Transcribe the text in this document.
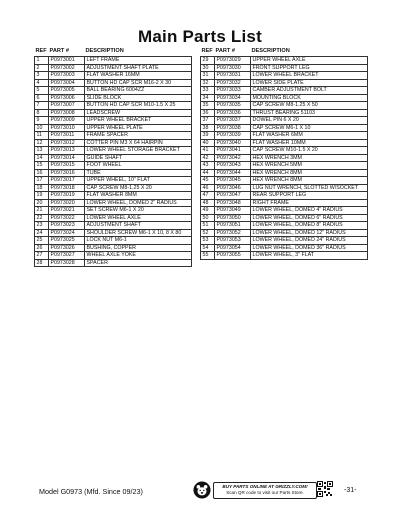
Main Parts List
REF	PART #	DESCRIPTION
1	P0973001	LEFT FRAME
2	P0973002	ADJUSTMENT SHAFT PLATE
3	P0973003	FLAT WASHER 16MM
4	P0973004	BUTTON HD CAP SCR M16-2 X 30
5	P0973005	BALL BEARING 6004ZZ
6	P0973006	SLIDE BLOCK
7	P0973007	BUTTON HD CAP SCR M10-1.5 X 25
8	P0973008	LEADSCREW
9	P0973009	UPPER WHEEL BRACKET
10	P0973010	UPPER WHEEL PLATE
11	P0973011	FRAME SPACER
12	P0973012	COTTER PIN M3 X 64 HAIRPIN
13	P0973013	LOWER WHEEL STORAGE BRACKET
14	P0973014	GUIDE SHAFT
15	P0973015	FOOT WHEEL
16	P0973016	TUBE
17	P0973017	UPPER WHEEL, 10" FLAT
18	P0973018	CAP SCREW M8-1.25 X 20
19	P0973019	FLAT WASHER 8MM
20	P0973020	LOWER WHEEL, DOMED 2" RADIUS
21	P0973021	SET SCREW M6-1 X 20
22	P0973022	LOWER WHEEL AXLE
23	P0973023	ADJUSTMENT SHAFT
24	P0973024	SHOULDER SCREW M6-1 X 10, 8 X 80
25	P0973025	LOCK NUT M6-1
26	P0973026	BUSHING, COPPER
27	P0973027	WHEEL AXLE YOKE
28	P0973028	SPACER
REF	PART #	DESCRIPTION
29	P0973029	UPPER WHEEL AXLE
30	P0973030	FRONT SUPPORT LEG
31	P0973031	LOWER WHEEL BRACKET
32	P0973032	LOWER SIDE PLATE
33	P0973033	CAMBER ADJUSTMENT BOLT
34	P0973034	MOUNTING BLOCK
35	P0973035	CAP SCREW M8-1.25 X 50
36	P0973036	THRUST BEARING 51103
37	P0973037	DOWEL PIN 6 X 20
38	P0973038	CAP SCREW M6-1 X 10
39	P0973039	FLAT WASHER 6MM
40	P0973040	FLAT WASHER 10MM
41	P0973041	CAP SCREW M10-1.5 X 20
42	P0973042	HEX WRENCH 3MM
43	P0973043	HEX WRENCH 5MM
44	P0973044	HEX WRENCH 8MM
45	P0973045	HEX WRENCH 8MM
46	P0973046	LUG NUT WRENCH, SLOTTED W/SOCKET
47	P0973047	REAR SUPPORT LEG
48	P0973048	RIGHT FRAME
49	P0973049	LOWER WHEEL, DOMED 4" RADIUS
50	P0973050	LOWER WHEEL, DOMED 6" RADIUS
51	P0973051	LOWER WHEEL, DOMED 8" RADIUS
52	P0973052	LOWER WHEEL, DOMED 12" RADIUS
53	P0973053	LOWER WHEEL, DOMED 24" RADIUS
54	P0973054	LOWER WHEEL, DOMED 36" RADIUS
55	P0973055	LOWER WHEEL, 3" FLAT
Model G0973 (Mfd. Since 09/23)
BUY PARTS ONLINE AT GRIZZLY.COM!
Scan QR code to visit our Parts Store.	-31-
